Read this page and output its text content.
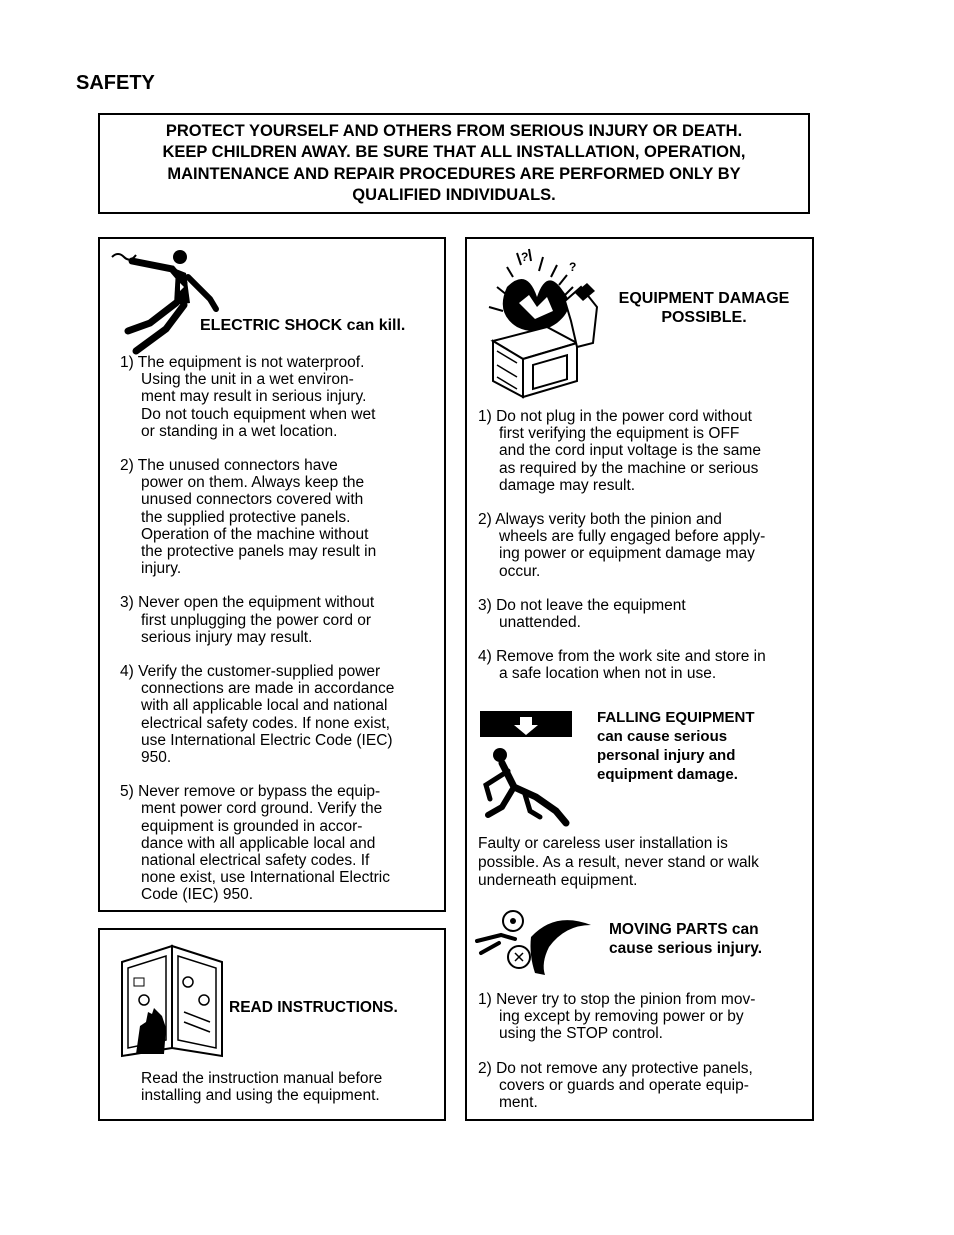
SAFETY
PROTECT YOURSELF AND OTHERS FROM SERIOUS INJURY OR DEATH.
KEEP CHILDREN AWAY. BE SURE THAT ALL INSTALLATION, OPERATION,
MAINTENANCE AND REPAIR PROCEDURES ARE PERFORMED ONLY BY
QUALIFIED INDIVIDUALS.
ELECTRIC SHOCK can kill.
1) The equipment is not waterproof.
Using the unit in a wet environ-
ment may result in serious injury.
Do not touch equipment when wet
or standing in a wet location.
2) The unused connectors have
power on them. Always keep the
unused connectors covered with
the supplied protective panels.
Operation of the machine without
the protective panels may result in
injury.
3) Never open the equipment without
first unplugging the power cord or
serious injury may result.
4) Verify the customer-supplied power
connections are made in accordance
with all applicable local and national
electrical safety codes. If none exist,
use International Electric Code (IEC)
950.
5) Never remove or bypass the equip-
ment power cord ground. Verify the
equipment is grounded in accor-
dance with all applicable local and
national electrical safety codes. If
none exist, use International Electric
Code (IEC) 950.
READ INSTRUCTIONS.

Read the instruction manual before

installing and using the equipment.

?
?
EQUIPMENT DAMAGE
POSSIBLE.
1) Do not plug in the power cord without
first verifying the equipment is OFF
and the cord input voltage is the same
as required by the machine or serious
damage may result.
2) Always verity both the pinion and
wheels are fully engaged before apply-
ing power or equipment damage may
occur.
3) Do not leave the equipment
unattended.
4) Remove from the work site and store in
a safe location when not in use.
FALLING EQUIPMENT
can cause serious
personal injury and
equipment damage.

Faulty or careless user installation is

possible. As a result, never stand or walk

underneath equipment.

MOVING PARTS can
cause serious injury.
1) Never try to stop the pinion from mov-
ing except by removing power or by
using the STOP control.
2) Do not remove any protective panels,
covers or guards and operate equip-
ment.
